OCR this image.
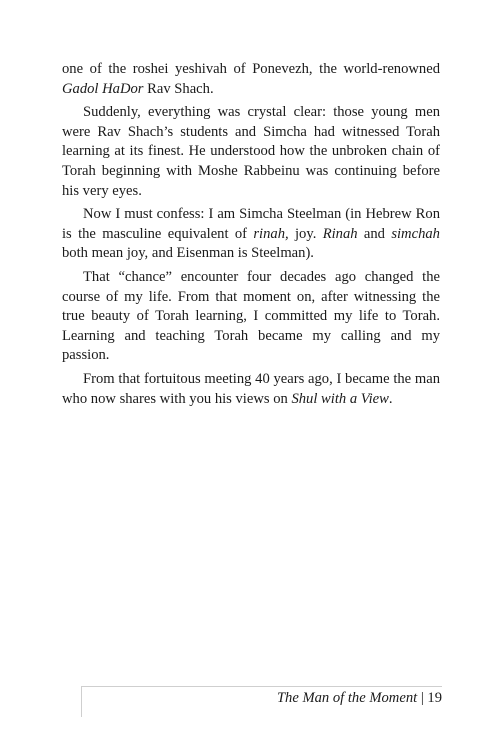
one of the roshei yeshivah of Ponevezh, the world-renowned Gadol HaDor Rav Shach.

Suddenly, everything was crystal clear: those young men were Rav Shach’s students and Simcha had witnessed Torah learning at its finest. He understood how the unbroken chain of Torah beginning with Moshe Rabbeinu was continuing before his very eyes.

Now I must confess: I am Simcha Steelman (in Hebrew Ron is the masculine equivalent of rinah, joy. Rinah and simchah both mean joy, and Eisenman is Steelman).

That “chance” encounter four decades ago changed the course of my life. From that moment on, after witnessing the true beauty of Torah learning, I committed my life to Torah. Learning and teaching Torah became my calling and my passion.

From that fortuitous meeting 40 years ago, I became the man who now shares with you his views on Shul with a View.

The Man of the Moment | 19
